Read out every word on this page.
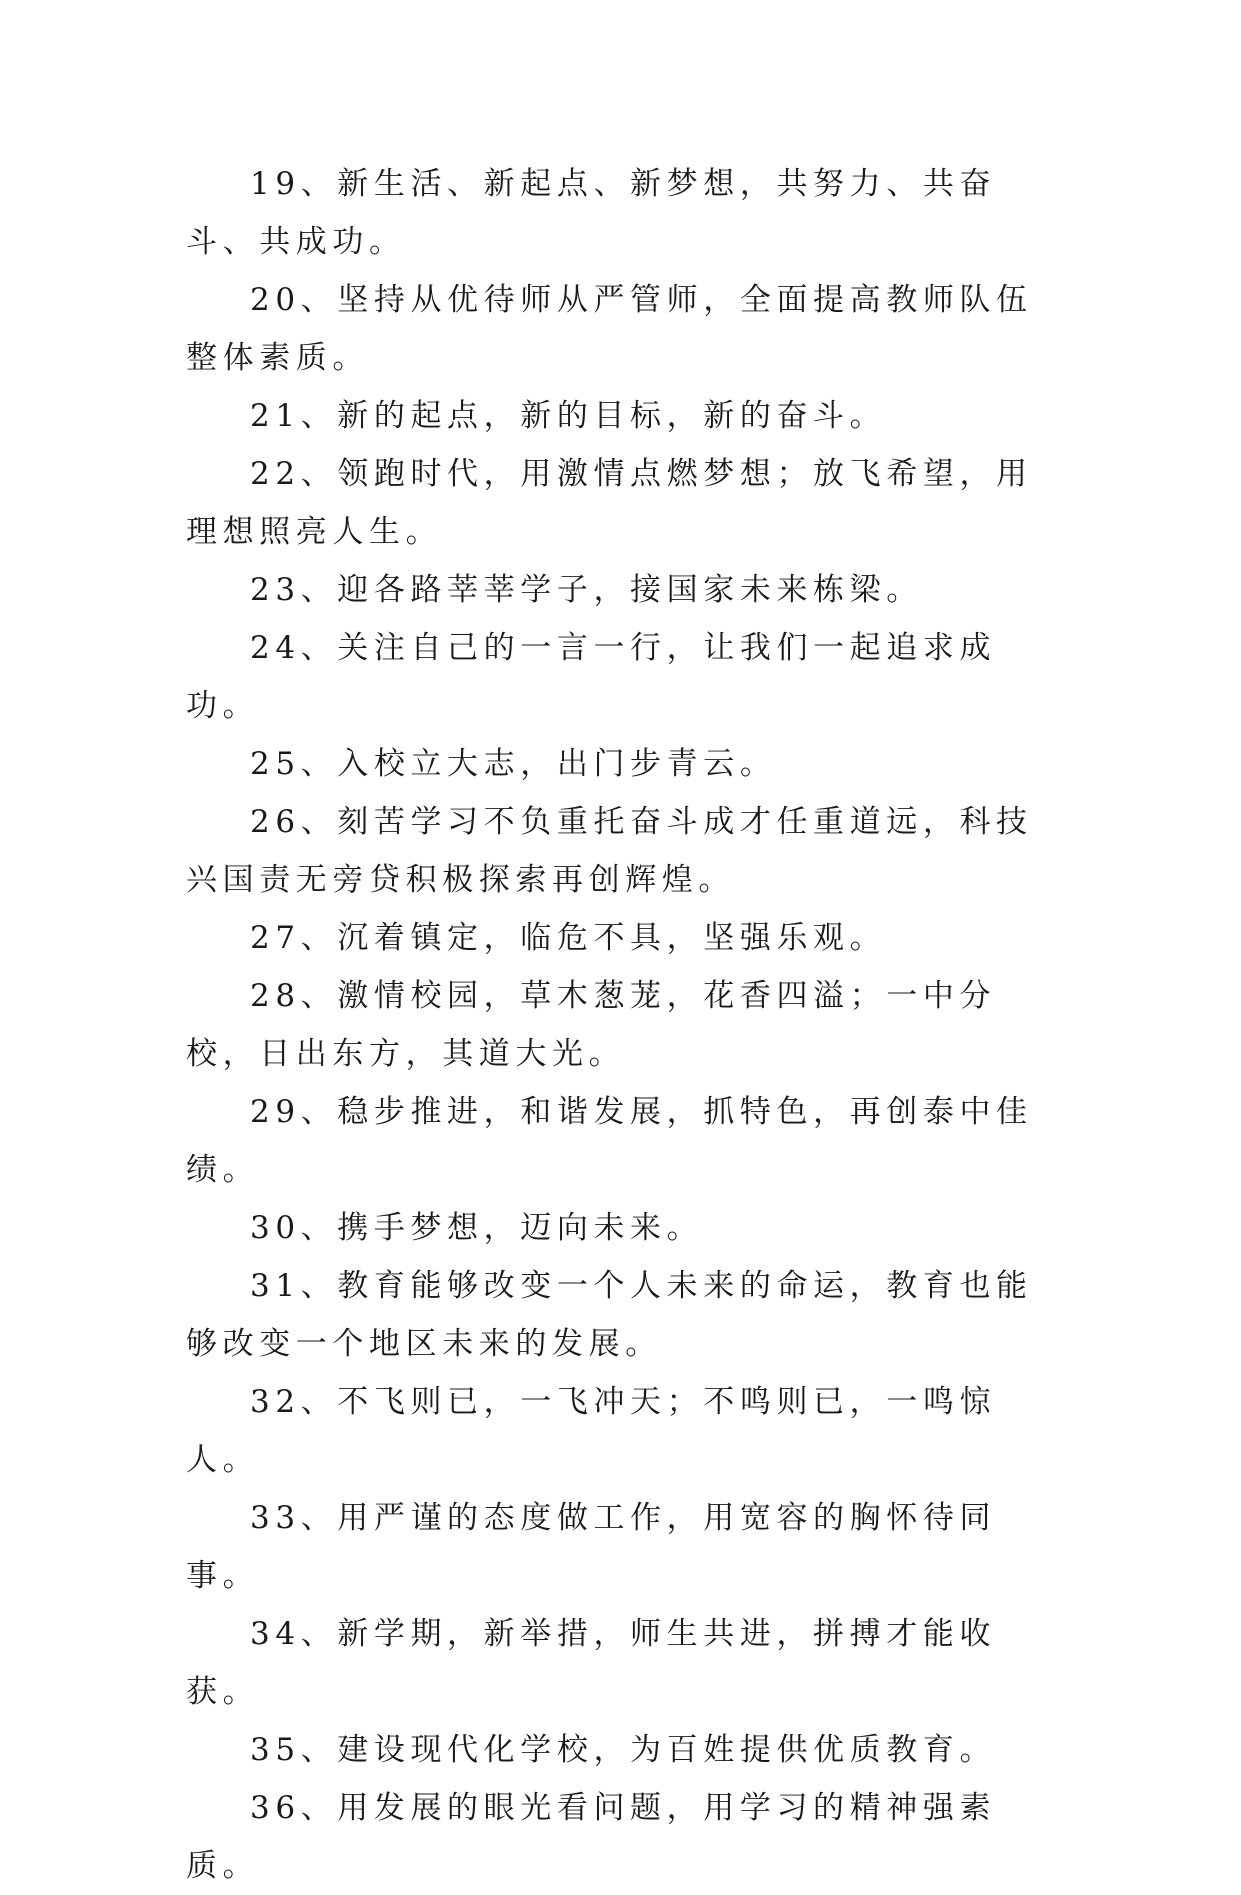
19、新生活、新起点、新梦想，共努力、共奋斗、共成功。

20、坚持从优待师从严管师，全面提高教师队伍整体素质。

21、新的起点，新的目标，新的奋斗。

22、领跑时代，用激情点燃梦想；放飞希望，用理想照亮人生。

23、迎各路莘莘学子，接国家未来栋梁。

24、关注自己的一言一行，让我们一起追求成功。

25、入校立大志，出门步青云。

26、刻苦学习不负重托奋斗成才任重道远，科技兴国责无旁贷积极探索再创辉煌。

27、沉着镇定，临危不具，坚强乐观。

28、激情校园，草木葱茏，花香四溢；一中分校，日出东方，其道大光。

29、稳步推进，和谐发展，抓特色，再创泰中佳绩。

30、携手梦想，迈向未来。

31、教育能够改变一个人未来的命运，教育也能够改变一个地区未来的发展。

32、不飞则已，一飞冲天；不鸣则已，一鸣惊人。

33、用严谨的态度做工作，用宽容的胸怀待同事。

34、新学期，新举措，师生共进，拼搏才能收获。

35、建设现代化学校，为百姓提供优质教育。

36、用发展的眼光看问题，用学习的精神强素质。
